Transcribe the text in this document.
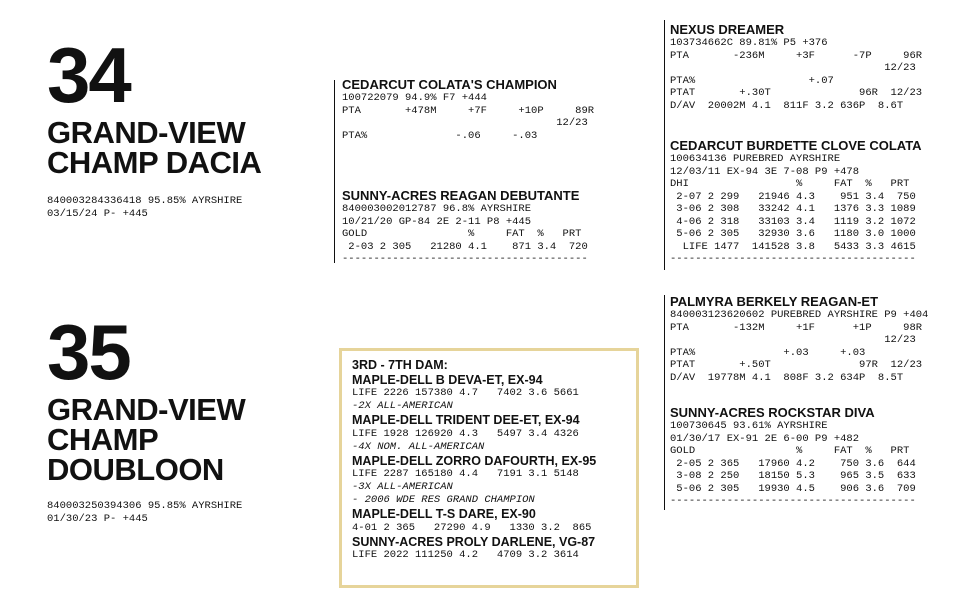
34
GRAND-VIEW
CHAMP DACIA
840003284336418 95.85% AYRSHIRE
03/15/24 P- +445
35
GRAND-VIEW
CHAMP
DOUBLOON
840003250394306 95.85% AYRSHIRE
01/30/23 P- +445
CEDARCUT COLATA'S CHAMPION
100722079 94.9% F7 +444
PTA       +478M     +7F     +10P     89R
12/23
PTA%              -.06     -.03
SUNNY-ACRES REAGAN DEBUTANTE
840003002012787 96.8% AYRSHIRE
10/21/20 GP-84 2E 2-11 P8 +445
GOLD                %     FAT  %   PRT
2-03 2 305   21280 4.1    871 3.4  720
---------------------------------------
NEXUS DREAMER
103734662C 89.81% P5 +376
PTA       -236M     +3F      -7P     96R
12/23
PTA%                  +.07
PTAT       +.30T              96R  12/23
D/AV  20002M 4.1  811F 3.2 636P  8.6T
CEDARCUT BURDETTE CLOVE COLATA
100634136 PUREBRED AYRSHIRE
12/03/11 EX-94 3E 7-08 P9 +478
DHI                 %     FAT  %   PRT
2-07 2 299   21946 4.3    951 3.4  750
3-06 2 308   33242 4.1   1376 3.3 1089
4-06 2 318   33103 3.4   1119 3.2 1072
5-06 2 305   32930 3.6   1180 3.0 1000
LIFE 1477  141528 3.8   5433 3.3 4615
---------------------------------------
PALMYRA BERKELY REAGAN-ET
840003123620602 PUREBRED AYRSHIRE P9 +404
PTA       -132M     +1F      +1P     98R
12/23
PTA%              +.03     +.03
PTAT       +.50T              97R  12/23
D/AV  19778M 4.1  808F 3.2 634P  8.5T
SUNNY-ACRES ROCKSTAR DIVA
100730645 93.61% AYRSHIRE
01/30/17 EX-91 2E 6-00 P9 +482
GOLD                %     FAT  %   PRT
2-05 2 365   17960 4.2    750 3.6  644
3-08 2 250   18150 5.3    965 3.5  633
5-06 2 305   19930 4.5    906 3.6  709
---------------------------------------
3RD - 7TH DAM:
MAPLE-DELL B DEVA-ET, EX-94
LIFE 2226 157380 4.7   7402 3.6 5661
-2X ALL-AMERICAN
MAPLE-DELL TRIDENT DEE-ET, EX-94
LIFE 1928 126920 4.3   5497 3.4 4326
-4X NOM. ALL-AMERICAN
MAPLE-DELL ZORRO DAFOURTH, EX-95
LIFE 2287 165180 4.4   7191 3.1 5148
-3X ALL-AMERICAN
- 2006 WDE RES GRAND CHAMPION
MAPLE-DELL T-S DARE, EX-90
4-01 2 365   27290 4.9   1330 3.2  865
SUNNY-ACRES PROLY DARLENE, VG-87
LIFE 2022 111250 4.2   4709 3.2 3614
